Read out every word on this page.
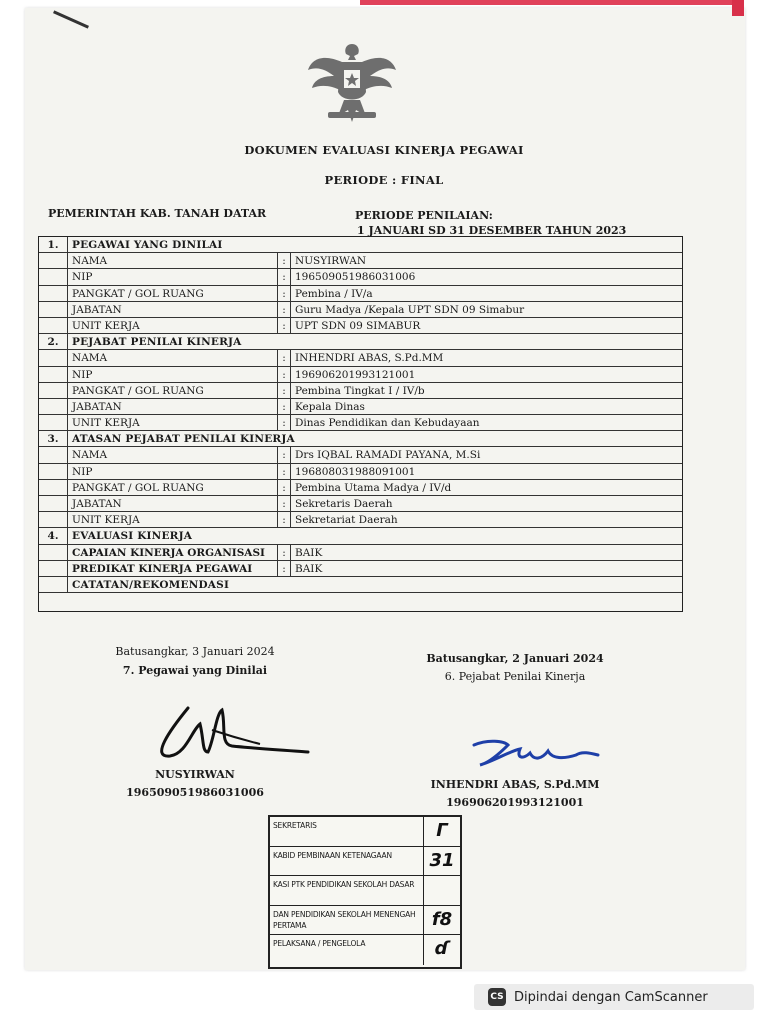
DOKUMEN EVALUASI KINERJA PEGAWAI
PERIODE : FINAL
PEMERINTAH KAB. TANAH DATAR	PERIODE PENILAIAN:
1 JANUARI SD 31 DESEMBER TAHUN 2023
1.	PEGAWAI YANG DINILAI
NAMA	: NUSYIRWAN
NIP	: 196509051986031006
PANGKAT / GOL RUANG	: Pembina / IV/a
JABATAN	: Guru Madya /Kepala UPT SDN 09 Simabur
UNIT KERJA	: UPT SDN 09 SIMABUR
2.	PEJABAT PENILAI KINERJA
NAMA	: INHENDRI ABAS, S.Pd.MM
NIP	: 196906201993121001
PANGKAT / GOL RUANG	: Pembina Tingkat I / IV/b
JABATAN	: Kepala Dinas
UNIT KERJA	: Dinas Pendidikan dan Kebudayaan
3.	ATASAN PEJABAT PENILAI KINERJA
NAMA	: Drs IQBAL RAMADI PAYANA, M.Si
NIP	: 196808031988091001
PANGKAT / GOL RUANG	: Pembina Utama Madya / IV/d
JABATAN	: Sekretaris Daerah
UNIT KERJA	: Sekretariat Daerah
4.	EVALUASI KINERJA
CAPAIAN KINERJA ORGANISASI	: BAIK
PREDIKAT KINERJA PEGAWAI	: BAIK
CATATAN/REKOMENDASI
Batusangkar, 3 Januari 2024
7. Pegawai yang Dinilai
NUSYIRWAN
196509051986031006
Batusangkar, 2 Januari 2024
6. Pejabat Penilai Kinerja
INHENDRI ABAS, S.Pd.MM
196906201993121001
SEKRETARIS	Γ
KABID PEMBINAAN KETENAGAAN	31
KASI PTK PENDIDIKAN SEKOLAH DASAR
DAN PENDIDIKAN SEKOLAH MENENGAH PERTAMA	f8
PELAKSANA / PENGELOLA	ɗ
CS Dipindai dengan CamScanner
